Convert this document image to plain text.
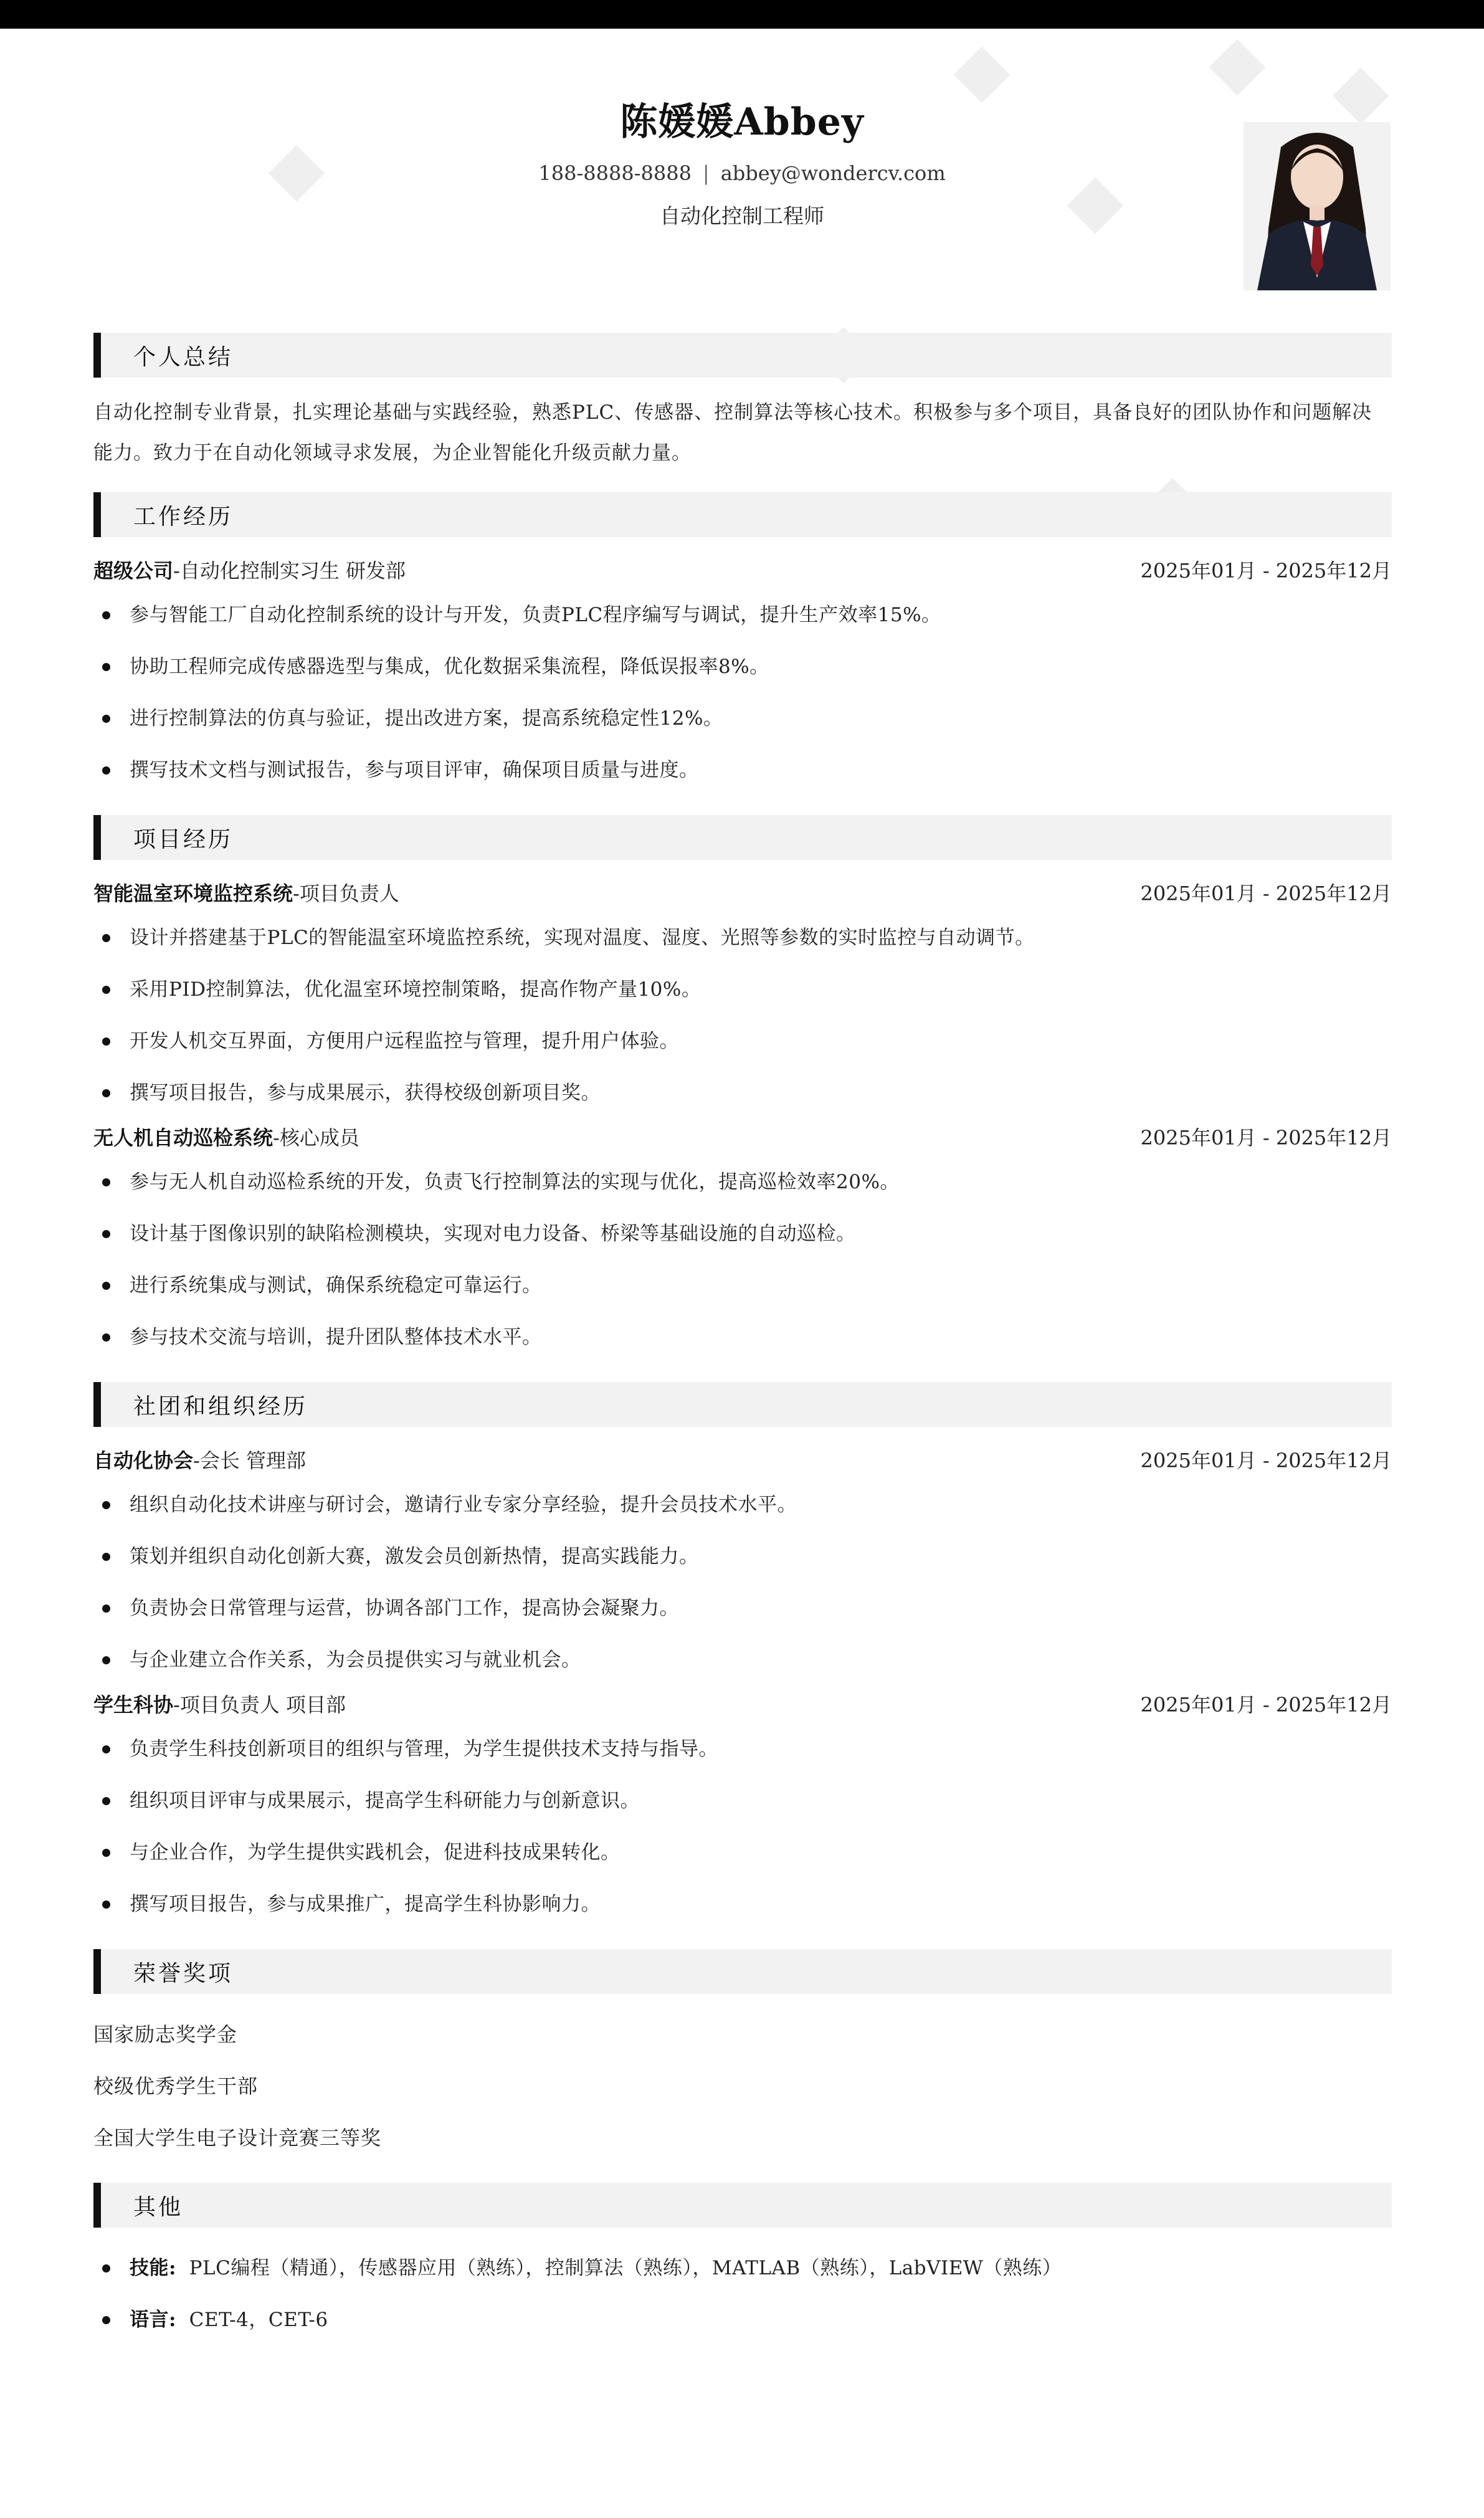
陈媛媛Abbey
188-8888-8888 | abbey@wondercv.com
自动化控制工程师
个人总结
自动化控制专业背景，扎实理论基础与实践经验，熟悉PLC、传感器、控制算法等核心技术。积极参与多个项目，具备良好的团队协作和问题解决能力。致力于在自动化领域寻求发展，为企业智能化升级贡献力量。
工作经历
超级公司-自动化控制实习生 研发部	2025年01月 - 2025年12月
参与智能工厂自动化控制系统的设计与开发，负责PLC程序编写与调试，提升生产效率15%。
协助工程师完成传感器选型与集成，优化数据采集流程，降低误报率8%。
进行控制算法的仿真与验证，提出改进方案，提高系统稳定性12%。
撰写技术文档与测试报告，参与项目评审，确保项目质量与进度。
项目经历
智能温室环境监控系统-项目负责人	2025年01月 - 2025年12月
设计并搭建基于PLC的智能温室环境监控系统，实现对温度、湿度、光照等参数的实时监控与自动调节。
采用PID控制算法，优化温室环境控制策略，提高作物产量10%。
开发人机交互界面，方便用户远程监控与管理，提升用户体验。
撰写项目报告，参与成果展示，获得校级创新项目奖。
无人机自动巡检系统-核心成员	2025年01月 - 2025年12月
参与无人机自动巡检系统的开发，负责飞行控制算法的实现与优化，提高巡检效率20%。
设计基于图像识别的缺陷检测模块，实现对电力设备、桥梁等基础设施的自动巡检。
进行系统集成与测试，确保系统稳定可靠运行。
参与技术交流与培训，提升团队整体技术水平。
社团和组织经历
自动化协会-会长 管理部	2025年01月 - 2025年12月
组织自动化技术讲座与研讨会，邀请行业专家分享经验，提升会员技术水平。
策划并组织自动化创新大赛，激发会员创新热情，提高实践能力。
负责协会日常管理与运营，协调各部门工作，提高协会凝聚力。
与企业建立合作关系，为会员提供实习与就业机会。
学生科协-项目负责人 项目部	2025年01月 - 2025年12月
负责学生科技创新项目的组织与管理，为学生提供技术支持与指导。
组织项目评审与成果展示，提高学生科研能力与创新意识。
与企业合作，为学生提供实践机会，促进科技成果转化。
撰写项目报告，参与成果推广，提高学生科协影响力。
荣誉奖项
国家励志奖学金
校级优秀学生干部
全国大学生电子设计竞赛三等奖
其他
技能: PLC编程（精通），传感器应用（熟练），控制算法（熟练），MATLAB（熟练），LabVIEW（熟练）
语言: CET-4，CET-6
